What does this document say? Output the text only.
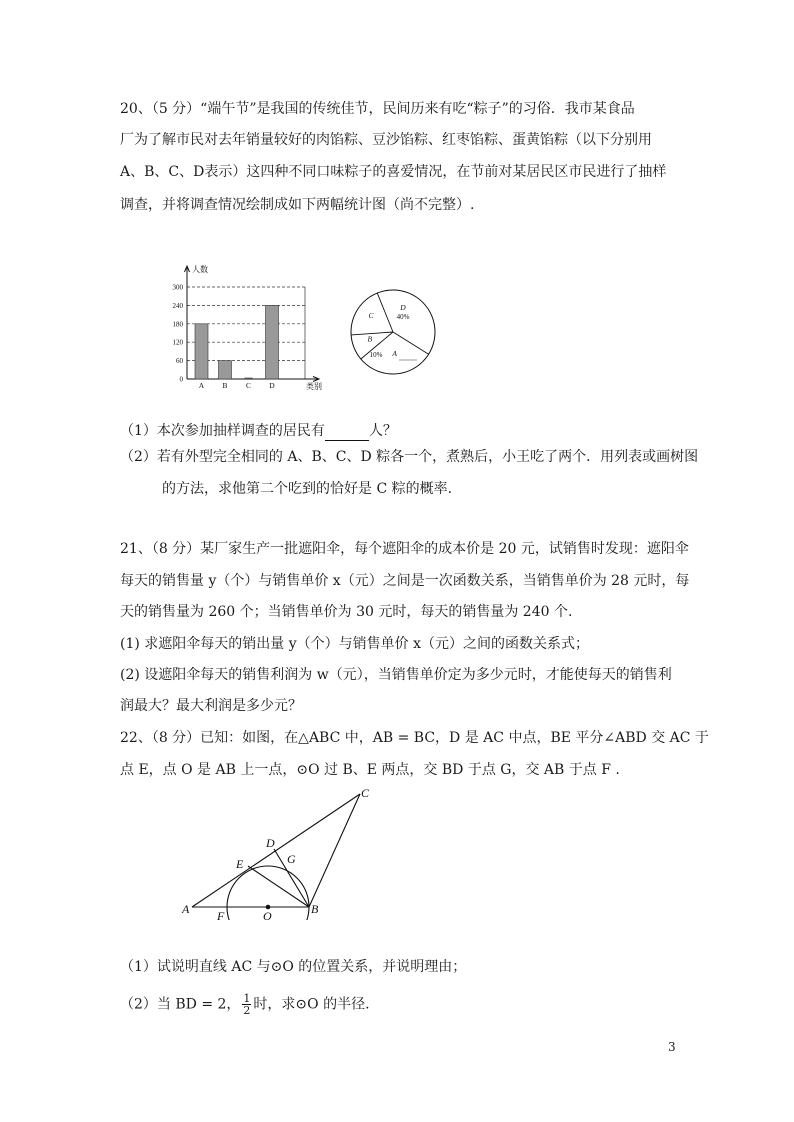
20、（5 分）“端午节”是我国的传统佳节，民间历来有吃“粽子”的习俗．我市某食品
厂为了解市民对去年销量较好的肉馅粽、豆沙馅粽、红枣馅粽、蛋黄馅粽（以下分别用
A、B、C、D表示）这四种不同口味粽子的喜爱情况，在节前对某居民区市民进行了抽样
调查，并将调查情况绘制成如下两幅统计图（尚不完整）.
0
60
120
180
240
300
人数
类别
A B C D
D
40%
A
B
10%
C
（1）本次参加抽样调查的居民有	人？
（2）若有外型完全相同的 A、B、C、D 粽各一个，煮熟后，小王吃了两个．用列表或画树图
的方法，求他第二个吃到的恰好是 C 粽的概率.
21、（8 分）某厂家生产一批遮阳伞，每个遮阳伞的成本价是 20 元，试销售时发现：遮阳伞
每天的销售量 y（个）与销售单价 x（元）之间是一次函数关系，当销售单价为 28 元时，每
天的销售量为 260 个；当销售单价为 30 元时，每天的销售量为 240 个.
(1) 求遮阳伞每天的销出量 y（个）与销售单价 x（元）之间的函数关系式；
(2) 设遮阳伞每天的销售利润为 w（元），当销售单价定为多少元时，才能使每天的销售利
润最大？最大利润是多少元？
22、（8 分）已知：如图，在△ABC 中，AB = BC，D 是 AC 中点，BE 平分∠ABD 交 AC 于
点 E，点 O 是 AB 上一点，⊙O 过 B、E 两点，交 BD 于点 G，交 AB 于点 F .
A	B
C
D
E
F
G
O
（1）试说明直线 AC 与⊙O 的位置关系，并说明理由；
（2）当 BD = 2， $\frac{1}{2}$ 时，求⊙O 的半径.
3
